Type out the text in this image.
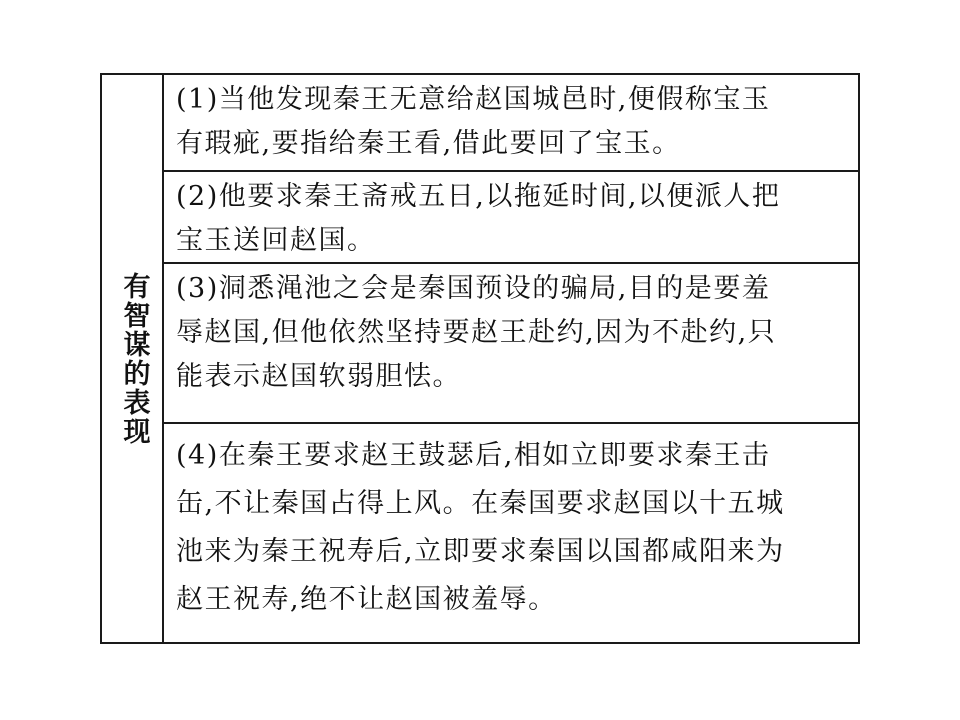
有智谋的表现
(1)当他发现秦王无意给赵国城邑时,便假称宝玉
有瑕疵,要指给秦王看,借此要回了宝玉。
(2)他要求秦王斋戒五日,以拖延时间,以便派人把
宝玉送回赵国。
(3)洞悉渑池之会是秦国预设的骗局,目的是要羞
辱赵国,但他依然坚持要赵王赴约,因为不赴约,只
能表示赵国软弱胆怯。
(4)在秦王要求赵王鼓瑟后,相如立即要求秦王击
缶,不让秦国占得上风。在秦国要求赵国以十五城
池来为秦王祝寿后,立即要求秦国以国都咸阳来为
赵王祝寿,绝不让赵国被羞辱。
